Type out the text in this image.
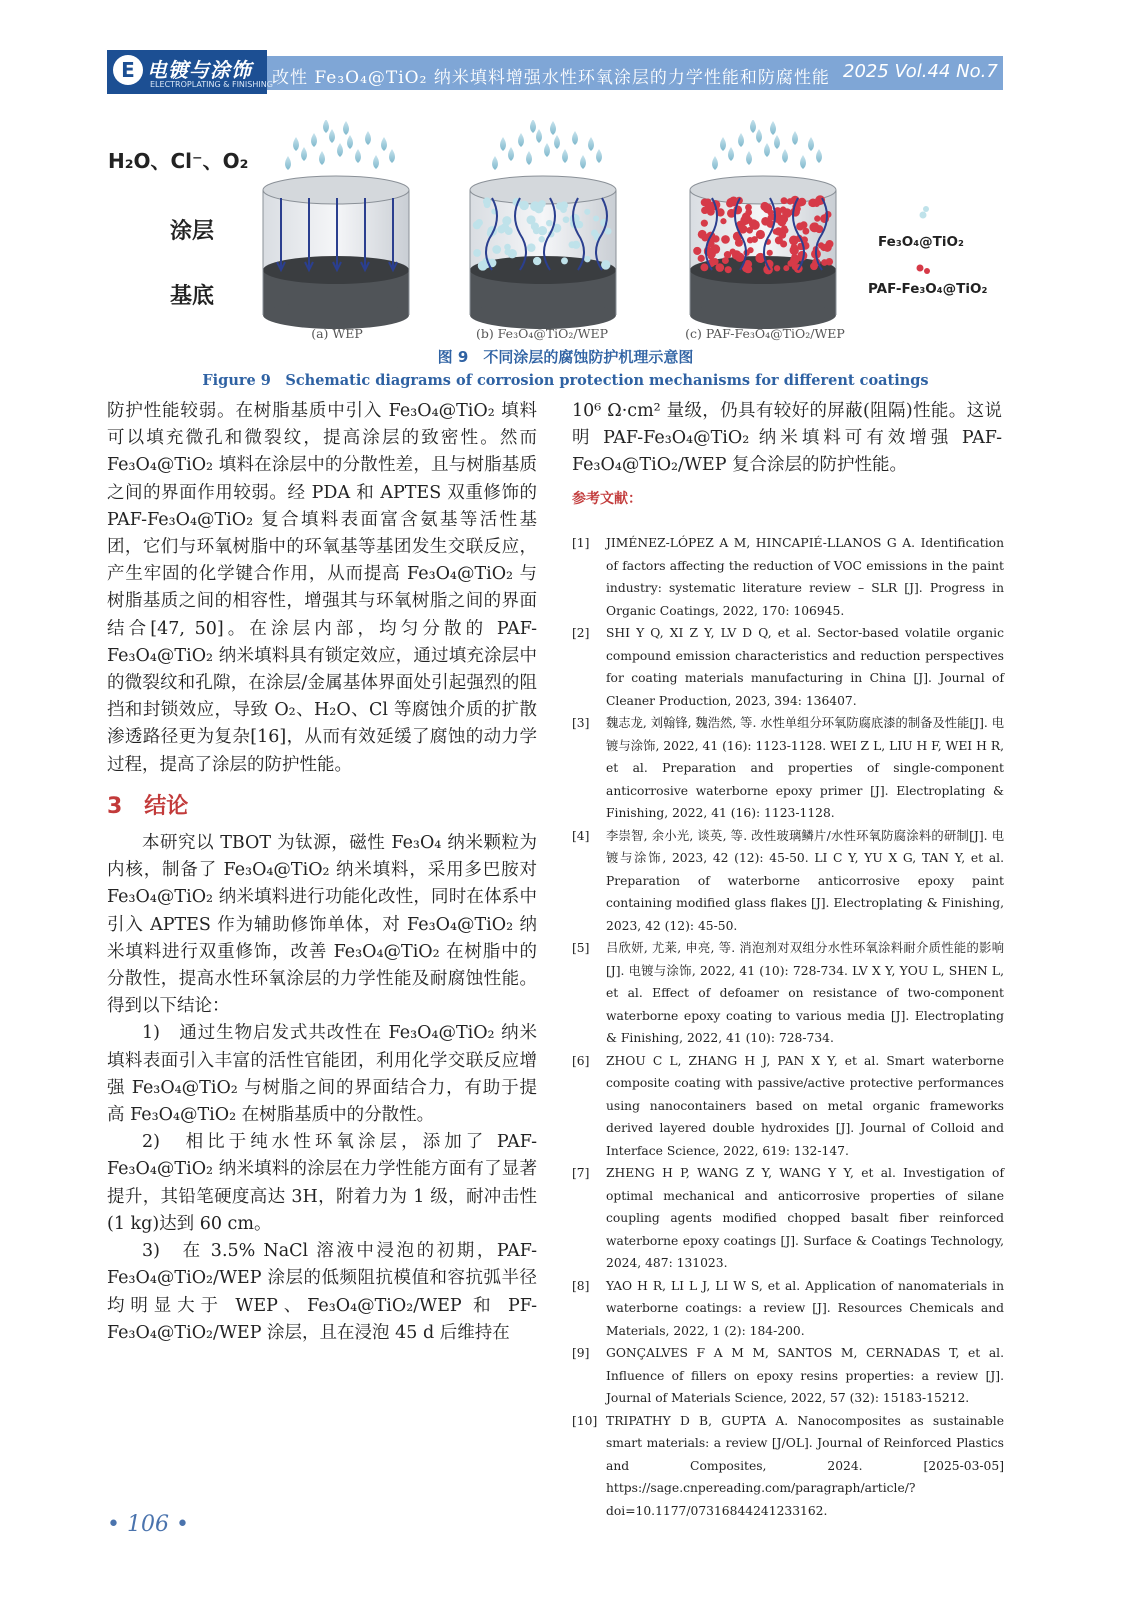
E 电镀与涂饰
ELECTROPLATING & FINISHING 改性 Fe₃O₄@TiO₂ 纳米填料增强水性环氧涂层的力学性能和防腐性能 2025 Vol.44 No.7
H₂O、Cl⁻、O₂
涂层
基底
(a) WEP	(b) Fe₃O₄@TiO₂/WEP	(c) PAF-Fe₃O₄@TiO₂/WEP
Fe₃O₄@TiO₂
PAF-Fe₃O₄@TiO₂
图 9　不同涂层的腐蚀防护机理示意图
Figure 9　Schematic diagrams of corrosion protection mechanisms for different coatings

防护性能较弱。在树脂基质中引入 Fe₃O₄@TiO₂ 填料可以填充微孔和微裂纹，提高涂层的致密性。然而 Fe₃O₄@TiO₂ 填料在涂层中的分散性差，且与树脂基质之间的界面作用较弱。经 PDA 和 APTES 双重修饰的 PAF-Fe₃O₄@TiO₂ 复合填料表面富含氨基等活性基团，它们与环氧树脂中的环氧基等基团发生交联反应，产生牢固的化学键合作用，从而提高 Fe₃O₄@TiO₂ 与树脂基质之间的相容性，增强其与环氧树脂之间的界面结合[47, 50]。在涂层内部，均匀分散的 PAF-Fe₃O₄@TiO₂ 纳米填料具有锁定效应，通过填充涂层中的微裂纹和孔隙，在涂层/金属基体界面处引起强烈的阻挡和封锁效应，导致 O₂、H₂O、Cl 等腐蚀介质的扩散渗透路径更为复杂[16]，从而有效延缓了腐蚀的动力学过程，提高了涂层的防护性能。

3　结论

本研究以 TBOT 为钛源，磁性 Fe₃O₄ 纳米颗粒为内核，制备了 Fe₃O₄@TiO₂ 纳米填料，采用多巴胺对 Fe₃O₄@TiO₂ 纳米填料进行功能化改性，同时在体系中引入 APTES 作为辅助修饰单体，对 Fe₃O₄@TiO₂ 纳米填料进行双重修饰，改善 Fe₃O₄@TiO₂ 在树脂中的分散性，提高水性环氧涂层的力学性能及耐腐蚀性能。得到以下结论：

1)　通过生物启发式共改性在 Fe₃O₄@TiO₂ 纳米填料表面引入丰富的活性官能团，利用化学交联反应增强 Fe₃O₄@TiO₂ 与树脂之间的界面结合力，有助于提高 Fe₃O₄@TiO₂ 在树脂基质中的分散性。

2)　相比于纯水性环氧涂层，添加了 PAF-Fe₃O₄@TiO₂ 纳米填料的涂层在力学性能方面有了显著提升，其铅笔硬度高达 3H，附着力为 1 级，耐冲击性(1 kg)达到 60 cm。

3)　在 3.5% NaCl 溶液中浸泡的初期，PAF-Fe₃O₄@TiO₂/WEP 涂层的低频阻抗模值和容抗弧半径均明显大于 WEP、Fe₃O₄@TiO₂/WEP 和 PF-Fe₃O₄@TiO₂/WEP 涂层，且在浸泡 45 d 后维持在

10⁶ Ω·cm² 量级，仍具有较好的屏蔽(阻隔)性能。这说明 PAF-Fe₃O₄@TiO₂ 纳米填料可有效增强 PAF-Fe₃O₄@TiO₂/WEP 复合涂层的防护性能。

参考文献：
[1]	JIMÉNEZ-LÓPEZ A M, HINCAPIÉ-LLANOS G A. Identification of factors affecting the reduction of VOC emissions in the paint industry: systematic literature review – SLR [J]. Progress in Organic Coatings, 2022, 170: 106945.
[2]	SHI Y Q, XI Z Y, LV D Q, et al. Sector-based volatile organic compound emission characteristics and reduction perspectives for coating materials manufacturing in China [J]. Journal of Cleaner Production, 2023, 394: 136407.
[3]	魏志龙, 刘翰锋, 魏浩然, 等. 水性单组分环氧防腐底漆的制备及性能[J]. 电镀与涂饰, 2022, 41 (16): 1123-1128. WEI Z L, LIU H F, WEI H R, et al. Preparation and properties of single-component anticorrosive waterborne epoxy primer [J]. Electroplating & Finishing, 2022, 41 (16): 1123-1128.
[4]	李崇智, 余小光, 谈英, 等. 改性玻璃鳞片/水性环氧防腐涂料的研制[J]. 电镀与涂饰, 2023, 42 (12): 45-50. LI C Y, YU X G, TAN Y, et al. Preparation of waterborne anticorrosive epoxy paint containing modified glass flakes [J]. Electroplating & Finishing, 2023, 42 (12): 45-50.
[5]	吕欣妍, 尤莱, 申亮, 等. 消泡剂对双组分水性环氧涂料耐介质性能的影响[J]. 电镀与涂饰, 2022, 41 (10): 728-734. LV X Y, YOU L, SHEN L, et al. Effect of defoamer on resistance of two-component waterborne epoxy coating to various media [J]. Electroplating & Finishing, 2022, 41 (10): 728-734.
[6]	ZHOU C L, ZHANG H J, PAN X Y, et al. Smart waterborne composite coating with passive/active protective performances using nanocontainers based on metal organic frameworks derived layered double hydroxides [J]. Journal of Colloid and Interface Science, 2022, 619: 132-147.
[7]	ZHENG H P, WANG Z Y, WANG Y Y, et al. Investigation of optimal mechanical and anticorrosive properties of silane coupling agents modified chopped basalt fiber reinforced waterborne epoxy coatings [J]. Surface & Coatings Technology, 2024, 487: 131023.
[8]	YAO H R, LI L J, LI W S, et al. Application of nanomaterials in waterborne coatings: a review [J]. Resources Chemicals and Materials, 2022, 1 (2): 184-200.
[9]	GONÇALVES F A M M, SANTOS M, CERNADAS T, et al. Influence of fillers on epoxy resins properties: a review [J]. Journal of Materials Science, 2022, 57 (32): 15183-15212.
[10] TRIPATHY D B, GUPTA A. Nanocomposites as sustainable smart materials: a review [J/OL]. Journal of Reinforced Plastics and Composites, 2024. [2025-03-05] https://sage.cnpereading.com/paragraph/article/?doi=10.1177/07316844241233162.
• 106 •
